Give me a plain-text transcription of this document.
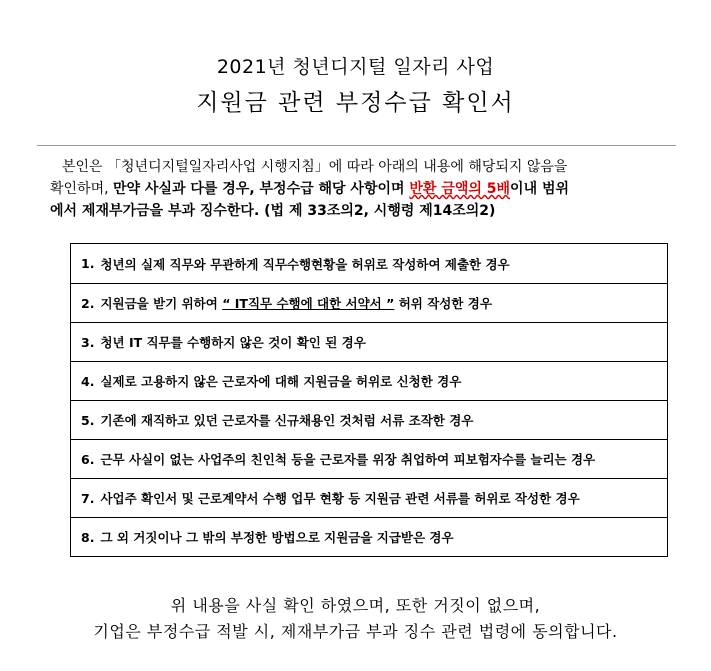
2021년 청년디지털 일자리 사업
지원금 관련 부정수급 확인서
본인은 「청년디지털일자리사업 시행지침」에 따라 아래의 내용에 해당되지 않음을
확인하며, 만약 사실과 다를 경우, 부정수급 해당 사항이며 반환 금액의 5배이내 범위
에서 제재부가금을 부과 징수한다. (법 제 33조의2, 시행령 제14조의2)
1. 청년의 실제 직무와 무관하게 직무수행현황을 허위로 작성하여 제출한 경우
2. 지원금을 받기 위하여
“ IT직무 수행에 대한 서약서 ”
허위 작성한 경우
3. 청년 IT 직무를 수행하지 않은 것이 확인 된 경우
4. 실제로 고용하지 않은 근로자에 대해 지원금을 허위로 신청한 경우
5. 기존에 재직하고 있던 근로자를 신규채용인 것처럼 서류 조작한 경우
6. 근무 사실이 없는 사업주의 친인척 등을 근로자를 위장 취업하여 피보험자수를 늘리는 경우
7. 사업주 확인서 및 근로계약서 수행 업무 현황 등 지원금 관련 서류를 허위로 작성한 경우
8. 그 외 거짓이나 그 밖의 부정한 방법으로 지원금을 지급받은 경우
위 내용을 사실 확인 하였으며, 또한 거짓이 없으며,
기업은 부정수급 적발 시, 제재부가금 부과 징수 관련 법령에 동의합니다.
